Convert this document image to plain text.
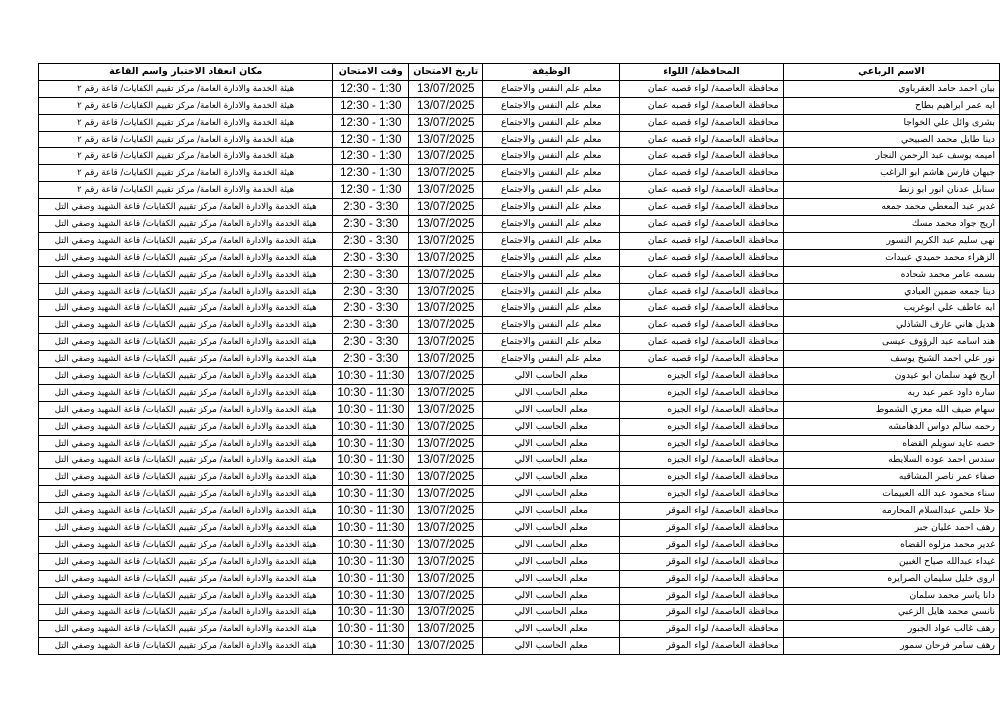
الاسم الرباعي	المحافظة/ اللواء	الوظيفة	تاريخ الامتحان	وقت الامتحان	مكان انعقاد الاختبار واسم القاعة
بيان احمد حامد العقرباوي	محافظة العاصمة/ لواء قصبه عمان	معلم علم النفس والاجتماع	13/07/2025	12:30 - 1:30	هيئة الخدمة والادارة العامة/ مركز تقييم الكفايات/ قاعة رقم ٢
ايه عمر ابراهيم بطاح	محافظة العاصمة/ لواء قصبه عمان	معلم علم النفس والاجتماع	13/07/2025	12:30 - 1:30	هيئة الخدمة والادارة العامة/ مركز تقييم الكفايات/ قاعة رقم ٢
بشرى وائل علي الخواجا	محافظة العاصمة/ لواء قصبه عمان	معلم علم النفس والاجتماع	13/07/2025	12:30 - 1:30	هيئة الخدمة والادارة العامة/ مركز تقييم الكفايات/ قاعة رقم ٢
دينا طايل محمد الصبيحي	محافظة العاصمة/ لواء قصبه عمان	معلم علم النفس والاجتماع	13/07/2025	12:30 - 1:30	هيئة الخدمة والادارة العامة/ مركز تقييم الكفايات/ قاعة رقم ٢
اميمه يوسف عبد الرحمن النجار	محافظة العاصمة/ لواء قصبه عمان	معلم علم النفس والاجتماع	13/07/2025	12:30 - 1:30	هيئة الخدمة والادارة العامة/ مركز تقييم الكفايات/ قاعة رقم ٢
جيهان فارس هاشم ابو الراغب	محافظة العاصمة/ لواء قصبه عمان	معلم علم النفس والاجتماع	13/07/2025	12:30 - 1:30	هيئة الخدمة والادارة العامة/ مركز تقييم الكفايات/ قاعة رقم ٢
سنابل عدنان انور ابو زنط	محافظة العاصمة/ لواء قصبه عمان	معلم علم النفس والاجتماع	13/07/2025	12:30 - 1:30	هيئة الخدمة والادارة العامة/ مركز تقييم الكفايات/ قاعة رقم ٢
غدير عبد المعطي محمد جمعه	محافظة العاصمة/ لواء قصبه عمان	معلم علم النفس والاجتماع	13/07/2025	2:30 - 3:30	هيئة الخدمة والادارة العامة/ مركز تقييم الكفايات/ قاعة الشهيد وصفي التل
اريج جواد محمد مسك	محافظة العاصمة/ لواء قصبه عمان	معلم علم النفس والاجتماع	13/07/2025	2:30 - 3:30	هيئة الخدمة والادارة العامة/ مركز تقييم الكفايات/ قاعة الشهيد وصفي التل
نهى سليم عبد الكريم النسور	محافظة العاصمة/ لواء قصبه عمان	معلم علم النفس والاجتماع	13/07/2025	2:30 - 3:30	هيئة الخدمة والادارة العامة/ مركز تقييم الكفايات/ قاعة الشهيد وصفي التل
الزهراء محمد حميدي عبيدات	محافظة العاصمة/ لواء قصبه عمان	معلم علم النفس والاجتماع	13/07/2025	2:30 - 3:30	هيئة الخدمة والادارة العامة/ مركز تقييم الكفايات/ قاعة الشهيد وصفي التل
بسمه عامر محمد شحاده	محافظة العاصمة/ لواء قصبه عمان	معلم علم النفس والاجتماع	13/07/2025	2:30 - 3:30	هيئة الخدمة والادارة العامة/ مركز تقييم الكفايات/ قاعة الشهيد وصفي التل
دينا جمعه ضمين العبادي	محافظة العاصمة/ لواء قصبه عمان	معلم علم النفس والاجتماع	13/07/2025	2:30 - 3:30	هيئة الخدمة والادارة العامة/ مركز تقييم الكفايات/ قاعة الشهيد وصفي التل
ايه عاطف علي ابوغريب	محافظة العاصمة/ لواء قصبه عمان	معلم علم النفس والاجتماع	13/07/2025	2:30 - 3:30	هيئة الخدمة والادارة العامة/ مركز تقييم الكفايات/ قاعة الشهيد وصفي التل
هديل هاني عارف الشاذلي	محافظة العاصمة/ لواء قصبه عمان	معلم علم النفس والاجتماع	13/07/2025	2:30 - 3:30	هيئة الخدمة والادارة العامة/ مركز تقييم الكفايات/ قاعة الشهيد وصفي التل
هند اسامه عبد الرؤوف عيسى	محافظة العاصمة/ لواء قصبه عمان	معلم علم النفس والاجتماع	13/07/2025	2:30 - 3:30	هيئة الخدمة والادارة العامة/ مركز تقييم الكفايات/ قاعة الشهيد وصفي التل
نور علي احمد الشيخ يوسف	محافظة العاصمة/ لواء قصبه عمان	معلم علم النفس والاجتماع	13/07/2025	2:30 - 3:30	هيئة الخدمة والادارة العامة/ مركز تقييم الكفايات/ قاعة الشهيد وصفي التل
اريج فهد سلمان ابو عيدون	محافظة العاصمة/ لواء الجيزه	معلم الحاسب الالي	13/07/2025	10:30 - 11:30	هيئة الخدمة والادارة العامة/ مركز تقييم الكفايات/ قاعة الشهيد وصفي التل
ساره داود عمر عبد ربه	محافظة العاصمة/ لواء الجيزه	معلم الحاسب الالي	13/07/2025	10:30 - 11:30	هيئة الخدمة والادارة العامة/ مركز تقييم الكفايات/ قاعة الشهيد وصفي التل
سهام ضيف الله معزي الشموط	محافظة العاصمة/ لواء الجيزه	معلم الحاسب الالي	13/07/2025	10:30 - 11:30	هيئة الخدمة والادارة العامة/ مركز تقييم الكفايات/ قاعة الشهيد وصفي التل
رحمه سالم دواس الدهامشه	محافظة العاصمة/ لواء الجيزه	معلم الحاسب الالي	13/07/2025	10:30 - 11:30	هيئة الخدمة والادارة العامة/ مركز تقييم الكفايات/ قاعة الشهيد وصفي التل
حصه عايد سويلم القضاه	محافظة العاصمة/ لواء الجيزه	معلم الحاسب الالي	13/07/2025	10:30 - 11:30	هيئة الخدمة والادارة العامة/ مركز تقييم الكفايات/ قاعة الشهيد وصفي التل
سندس احمد عوده السلايطه	محافظة العاصمة/ لواء الجيزه	معلم الحاسب الالي	13/07/2025	10:30 - 11:30	هيئة الخدمة والادارة العامة/ مركز تقييم الكفايات/ قاعة الشهيد وصفي التل
صفاء عمر ناصر المشاقبه	محافظة العاصمة/ لواء الجيزه	معلم الحاسب الالي	13/07/2025	10:30 - 11:30	هيئة الخدمة والادارة العامة/ مركز تقييم الكفايات/ قاعة الشهيد وصفي التل
سناء محمود عبد الله العبيمات	محافظة العاصمة/ لواء الجيزه	معلم الحاسب الالي	13/07/2025	10:30 - 11:30	هيئة الخدمة والادارة العامة/ مركز تقييم الكفايات/ قاعة الشهيد وصفي التل
حلا حلمي عبدالسلام المحارمه	محافظة العاصمة/ لواء الموقر	معلم الحاسب الالي	13/07/2025	10:30 - 11:30	هيئة الخدمة والادارة العامة/ مركز تقييم الكفايات/ قاعة الشهيد وصفي التل
رهف احمد عليان جبر	محافظة العاصمة/ لواء الموقر	معلم الحاسب الالي	13/07/2025	10:30 - 11:30	هيئة الخدمة والادارة العامة/ مركز تقييم الكفايات/ قاعة الشهيد وصفي التل
غدير محمد مزلوه القضاه	محافظة العاصمة/ لواء الموقر	معلم الحاسب الالي	13/07/2025	10:30 - 11:30	هيئة الخدمة والادارة العامة/ مركز تقييم الكفايات/ قاعة الشهيد وصفي التل
غيداء عبدالله صياح الغبين	محافظة العاصمة/ لواء الموقر	معلم الحاسب الالي	13/07/2025	10:30 - 11:30	هيئة الخدمة والادارة العامة/ مركز تقييم الكفايات/ قاعة الشهيد وصفي التل
اروى خليل سليمان الصرايره	محافظة العاصمة/ لواء الموقر	معلم الحاسب الالي	13/07/2025	10:30 - 11:30	هيئة الخدمة والادارة العامة/ مركز تقييم الكفايات/ قاعة الشهيد وصفي التل
دانا ياسر محمد سلمان	محافظة العاصمة/ لواء الموقر	معلم الحاسب الالي	13/07/2025	10:30 - 11:30	هيئة الخدمة والادارة العامة/ مركز تقييم الكفايات/ قاعة الشهيد وصفي التل
نانسي محمد هايل الزعبي	محافظة العاصمة/ لواء الموقر	معلم الحاسب الالي	13/07/2025	10:30 - 11:30	هيئة الخدمة والادارة العامة/ مركز تقييم الكفايات/ قاعة الشهيد وصفي التل
رهف غالب عواد الجبور	محافظة العاصمة/ لواء الموقر	معلم الحاسب الالي	13/07/2025	10:30 - 11:30	هيئة الخدمة والادارة العامة/ مركز تقييم الكفايات/ قاعة الشهيد وصفي التل
رهف سامر فرحان سمور	محافظة العاصمة/ لواء الموقر	معلم الحاسب الالي	13/07/2025	10:30 - 11:30	هيئة الخدمة والادارة العامة/ مركز تقييم الكفايات/ قاعة الشهيد وصفي التل
